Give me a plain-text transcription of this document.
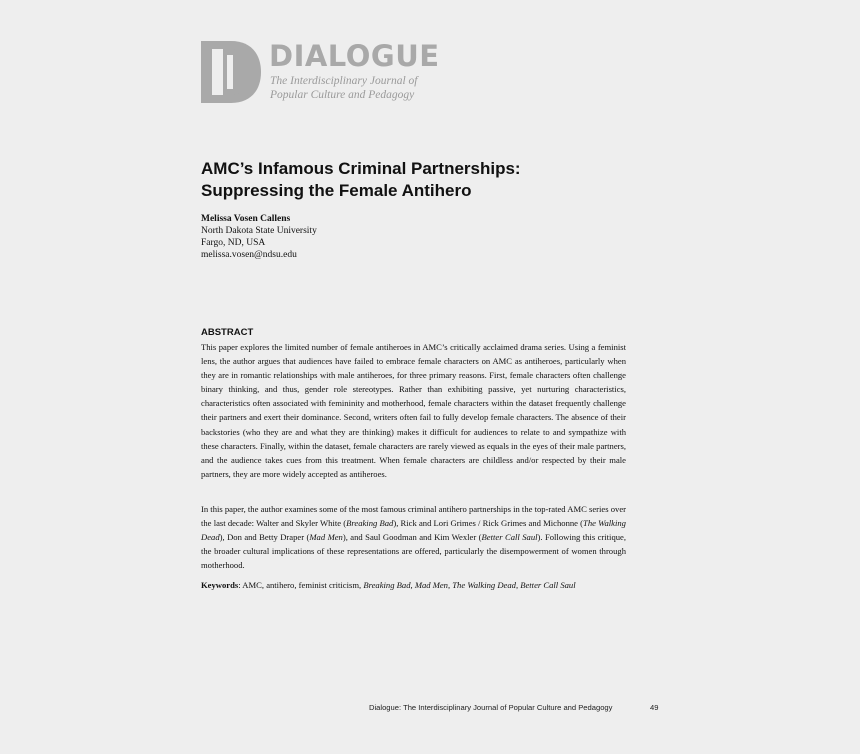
DIALOGUE
The Interdisciplinary Journal of
Popular Culture and Pedagogy
AMC’s Infamous Criminal Partnerships:
Suppressing the Female Antihero
Melissa Vosen Callens
North Dakota State University
Fargo, ND, USA
melissa.vosen@ndsu.edu
ABSTRACT
This paper explores the limited number of female antiheroes in AMC’s critically acclaimed drama series. Using a feminist lens, the author argues that audiences have failed to embrace female characters on AMC as antiheroes, particularly when they are in romantic relationships with male antiheroes, for three primary reasons. First, female characters often challenge binary thinking, and thus, gender role stereotypes. Rather than exhibiting passive, yet nurturing characteristics, characteristics often associated with femininity and motherhood, female characters within the dataset frequently challenge their partners and exert their dominance. Second, writers often fail to fully develop female characters. The absence of their backstories (who they are and what they are thinking) makes it difficult for audiences to relate to and sympathize with these characters. Finally, within the dataset, female characters are rarely viewed as equals in the eyes of their male partners, and the audience takes cues from this treatment. When female characters are childless and/or respected by their male partners, they are more widely accepted as antiheroes.
In this paper, the author examines some of the most famous criminal antihero partnerships in the top-rated AMC series over the last decade: Walter and Skyler White (Breaking Bad), Rick and Lori Grimes / Rick Grimes and Michonne (The Walking Dead), Don and Betty Draper (Mad Men), and Saul Goodman and Kim Wexler (Better Call Saul). Following this critique, the broader cultural implications of these representations are offered, particularly the disempowerment of women through motherhood.
Keywords: AMC, antihero, feminist criticism, Breaking Bad, Mad Men, The Walking Dead, Better Call Saul
Dialogue: The Interdisciplinary Journal of Popular Culture and Pedagogy	49
